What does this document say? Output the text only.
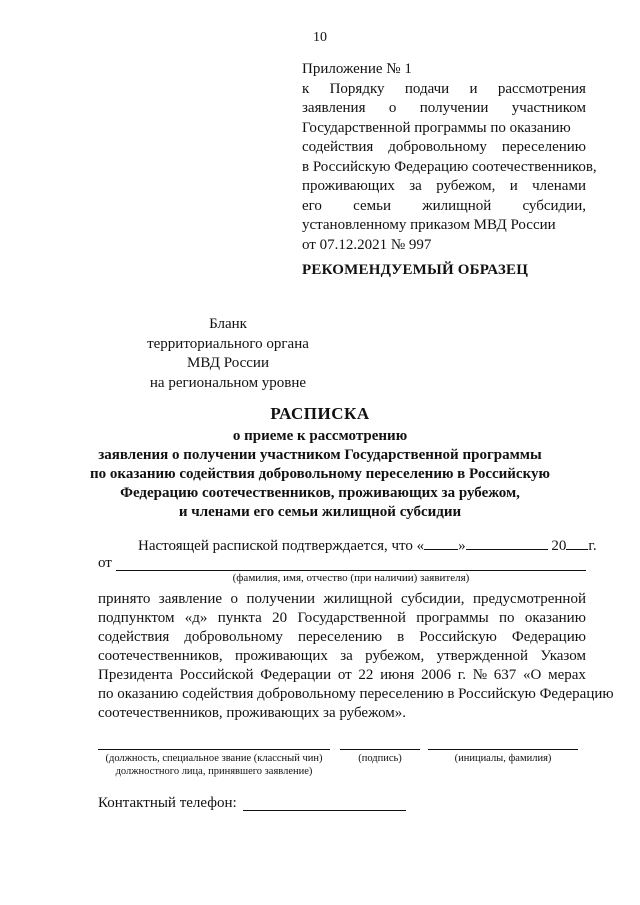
10
Приложение № 1
к Порядку подачи и рассмотрения
заявления о получении участником
Государственной программы по оказанию
содействия добровольному переселению
в Российскую Федерацию соотечественников,
проживающих за рубежом, и членами
его семьи жилищной субсидии,
установленному приказом МВД России
от 07.12.2021 № 997
РЕКОМЕНДУЕМЫЙ ОБРАЗЕЦ
Бланк
территориального органа
МВД России
на региональном уровне
РАСПИСКА
о приеме к рассмотрению
заявления о получении участником Государственной программы
по оказанию содействия добровольному переселению в Российскую
Федерацию соотечественников, проживающих за рубежом,
и членами его семьи жилищной субсидии
Настоящей распиской подтверждается, что « »	20 г.
от
(фамилия, имя, отчество (при наличии) заявителя)
принято заявление о получении жилищной субсидии, предусмотренной
подпунктом «д» пункта 20 Государственной программы по оказанию
содействия добровольному переселению в Российскую Федерацию
соотечественников, проживающих за рубежом, утвержденной Указом
Президента Российской Федерации от 22 июня 2006 г. № 637 «О мерах
по оказанию содействия добровольному переселению в Российскую Федерацию
соотечественников, проживающих за рубежом».
(должность, специальное звание (классный чин)
должностного лица, принявшего заявление)
(подпись)	(инициалы, фамилия)
Контактный телефон:
